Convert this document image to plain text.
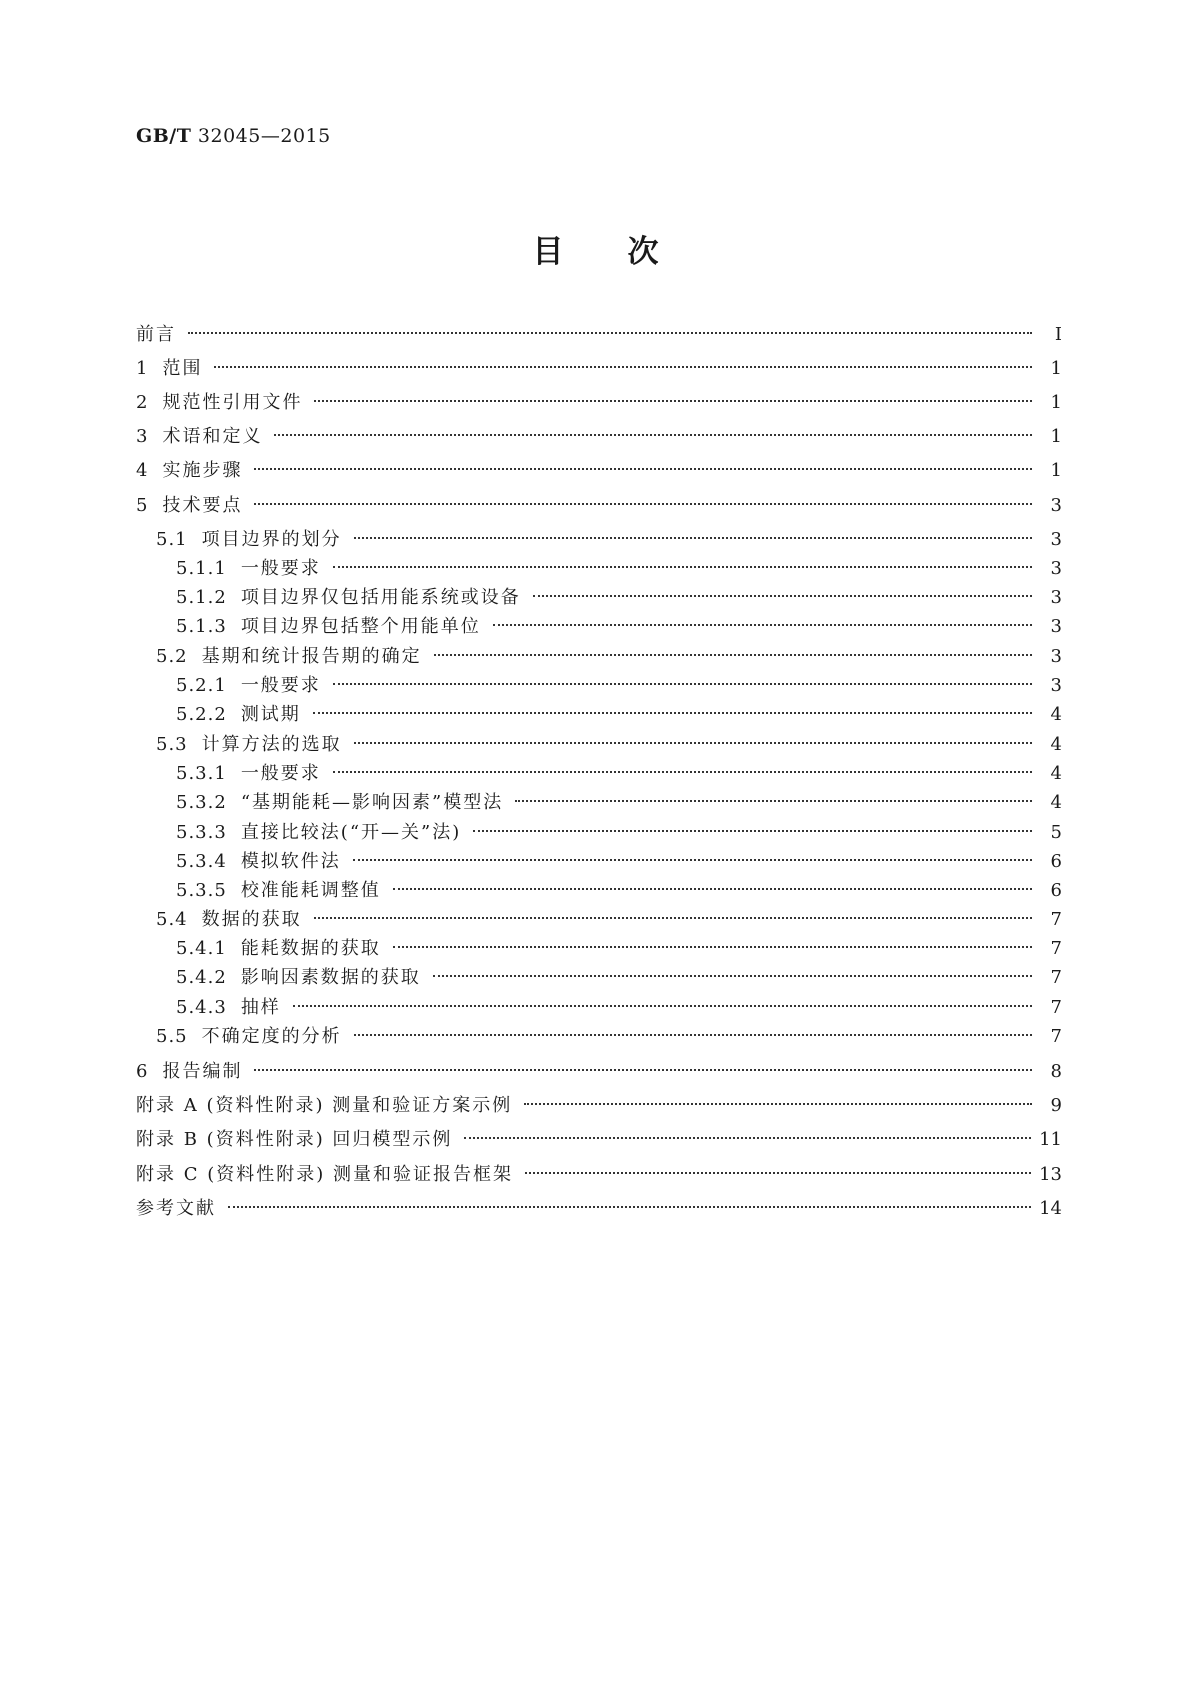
GB/T 32045—2015
目次
前言	Ⅰ
1 范围	1
2 规范性引用文件	1
3 术语和定义	1
4 实施步骤	1
5 技术要点	3
5.1 项目边界的划分	3
5.1.1 一般要求	3
5.1.2 项目边界仅包括用能系统或设备	3
5.1.3 项目边界包括整个用能单位	3
5.2 基期和统计报告期的确定	3
5.2.1 一般要求	3
5.2.2 测试期	4
5.3 计算方法的选取	4
5.3.1 一般要求	4
5.3.2 “基期能耗—影响因素”模型法	4
5.3.3 直接比较法(“开—关”法)	5
5.3.4 模拟软件法	6
5.3.5 校准能耗调整值	6
5.4 数据的获取	7
5.4.1 能耗数据的获取	7
5.4.2 影响因素数据的获取	7
5.4.3 抽样	7
5.5 不确定度的分析	7
6 报告编制	8
附录 A (资料性附录) 测量和验证方案示例	9
附录 B (资料性附录) 回归模型示例	11
附录 C (资料性附录) 测量和验证报告框架	13
参考文献	14
